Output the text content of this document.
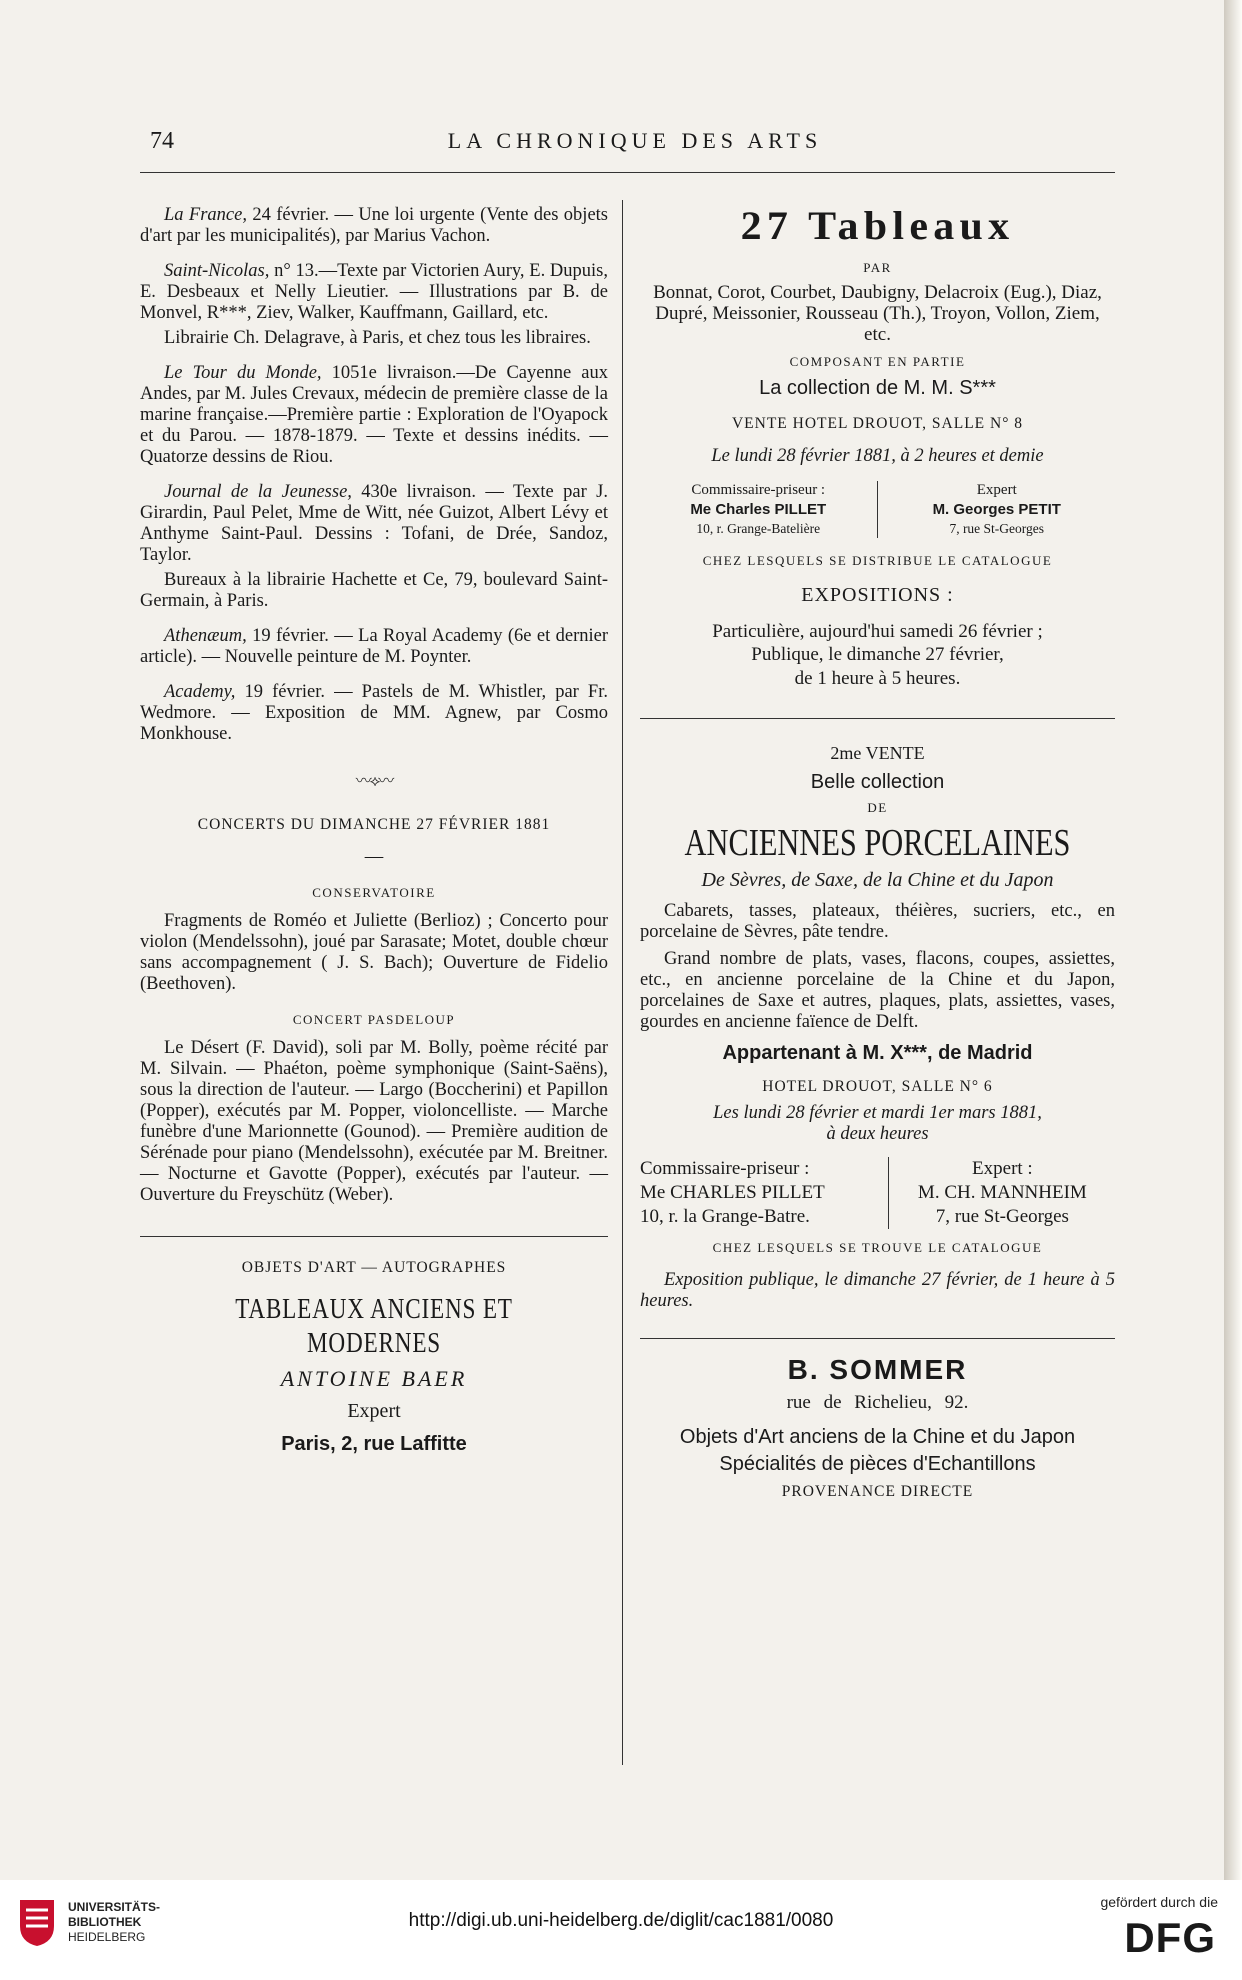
74	LA CHRONIQUE DES ARTS

La France, 24 février. — Une loi urgente (Vente des objets d'art par les municipalités), par Marius Vachon.

Saint-Nicolas, n° 13.—Texte par Victorien Aury, E. Dupuis, E. Desbeaux et Nelly Lieutier. — Illustrations par B. de Monvel, R***, Ziev, Walker, Kauffmann, Gaillard, etc.

Librairie Ch. Delagrave, à Paris, et chez tous les libraires.

Le Tour du Monde, 1051e livraison.—De Cayenne aux Andes, par M. Jules Crevaux, médecin de première classe de la marine française.—Première partie : Exploration de l'Oyapock et du Parou. — 1878-1879. — Texte et dessins inédits. — Quatorze dessins de Riou.

Journal de la Jeunesse, 430e livraison. — Texte par J. Girardin, Paul Pelet, Mme de Witt, née Guizot, Albert Lévy et Anthyme Saint-Paul. Dessins : Tofani, de Drée, Sandoz, Taylor.

Bureaux à la librairie Hachette et Ce, 79, boulevard Saint-Germain, à Paris.

Athenæum, 19 février. — La Royal Academy (6e et dernier article). — Nouvelle peinture de M. Poynter.

Academy, 19 février. — Pastels de M. Whistler, par Fr. Wedmore. — Exposition de MM. Agnew, par Cosmo Monkhouse.

〰⟡〰

CONCERTS DU DIMANCHE 27 FÉVRIER 1881

—

CONSERVATOIRE

Fragments de Roméo et Juliette (Berlioz) ; Concerto pour violon (Mendelssohn), joué par Sarasate; Motet, double chœur sans accompagnement ( J. S. Bach); Ouverture de Fidelio (Beethoven).

CONCERT PASDELOUP

Le Désert (F. David), soli par M. Bolly, poème récité par M. Silvain. — Phaéton, poème symphonique (Saint-Saëns), sous la direction de l'auteur. — Largo (Boccherini) et Papillon (Popper), exécutés par M. Popper, violoncelliste. — Marche funèbre d'une Marionnette (Gounod). — Première audition de Sérénade pour piano (Mendelssohn), exécutée par M. Breitner. — Nocturne et Gavotte (Popper), exécutés par l'auteur. — Ouverture du Freyschütz (Weber).

OBJETS D'ART — AUTOGRAPHES

TABLEAUX ANCIENS ET MODERNES

ANTOINE BAER

Expert

Paris, 2, rue Laffitte

27 Tableaux

PAR

Bonnat, Corot, Courbet, Daubigny, Delacroix (Eug.), Diaz, Dupré, Meissonier, Rousseau (Th.), Troyon, Vollon, Ziem, etc.

COMPOSANT EN PARTIE

La collection de M. M. S***

VENTE HOTEL DROUOT, SALLE N° 8

Le lundi 28 février 1881, à 2 heures et demie

Commissaire-priseur :
Me Charles PILLET
10, r. Grange-Batelière
Expert
M. Georges PETIT
7, rue St-Georges

CHEZ LESQUELS SE DISTRIBUE LE CATALOGUE

EXPOSITIONS :

Particulière, aujourd'hui samedi 26 février ;

Publique, le dimanche 27 février,

de 1 heure à 5 heures.

2me VENTE

Belle collection

DE

ANCIENNES PORCELAINES

De Sèvres, de Saxe, de la Chine et du Japon

Cabarets, tasses, plateaux, théières, sucriers, etc., en porcelaine de Sèvres, pâte tendre.

Grand nombre de plats, vases, flacons, coupes, assiettes, etc., en ancienne porcelaine de la Chine et du Japon, porcelaines de Saxe et autres, plaques, plats, assiettes, vases, gourdes en ancienne faïence de Delft.

Appartenant à M. X***, de Madrid

HOTEL DROUOT, SALLE N° 6

Les lundi 28 février et mardi 1er mars 1881,

à deux heures

Commissaire-priseur :
Me CHARLES PILLET
10, r. la Grange-Batre.
Expert :
M. CH. MANNHEIM
7, rue St-Georges

CHEZ LESQUELS SE TROUVE LE CATALOGUE

Exposition publique, le dimanche 27 février, de 1 heure à 5 heures.

B. SOMMER

rue de Richelieu, 92.

Objets d'Art anciens de la Chine et du Japon

Spécialités de pièces d'Echantillons

PROVENANCE DIRECTE

UNIVERSITÄTS-
BIBLIOTHEK
HEIDELBERG
http://digi.ub.uni-heidelberg.de/diglit/cac1881/0080
gefördert durch die
DFG
